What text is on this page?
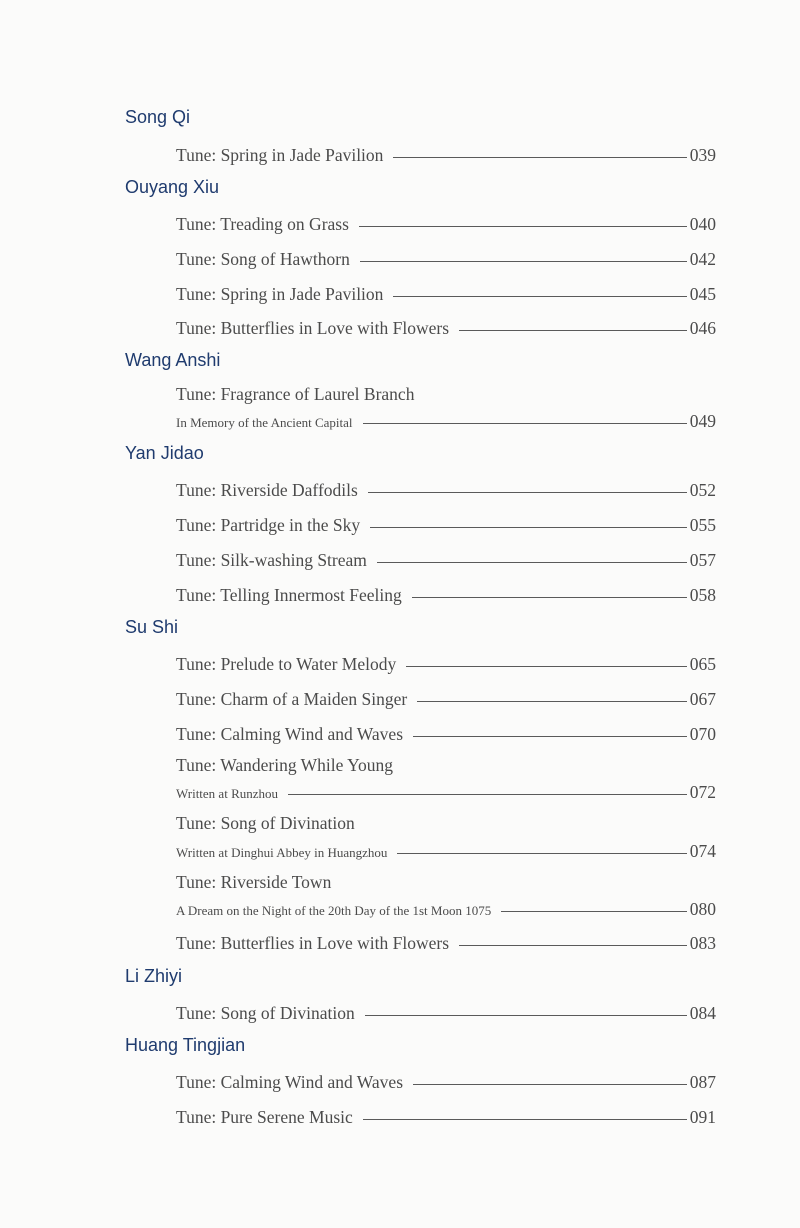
Song Qi
Tune: Spring in Jade Pavilion	039
Ouyang Xiu
Tune: Treading on Grass	040
Tune: Song of Hawthorn	042
Tune: Spring in Jade Pavilion	045
Tune: Butterflies in Love with Flowers	046
Wang Anshi
Tune: Fragrance of Laurel Branch
In Memory of the Ancient Capital	049
Yan Jidao
Tune: Riverside Daffodils	052
Tune: Partridge in the Sky	055
Tune: Silk-washing Stream	057
Tune: Telling Innermost Feeling	058
Su Shi
Tune: Prelude to Water Melody	065
Tune: Charm of a Maiden Singer	067
Tune: Calming Wind and Waves	070
Tune: Wandering While Young
Written at Runzhou	072
Tune: Song of Divination
Written at Dinghui Abbey in Huangzhou	074
Tune: Riverside Town
A Dream on the Night of the 20th Day of the 1st Moon 1075	080
Tune: Butterflies in Love with Flowers	083
Li Zhiyi
Tune: Song of Divination	084
Huang Tingjian
Tune: Calming Wind and Waves	087
Tune: Pure Serene Music	091
